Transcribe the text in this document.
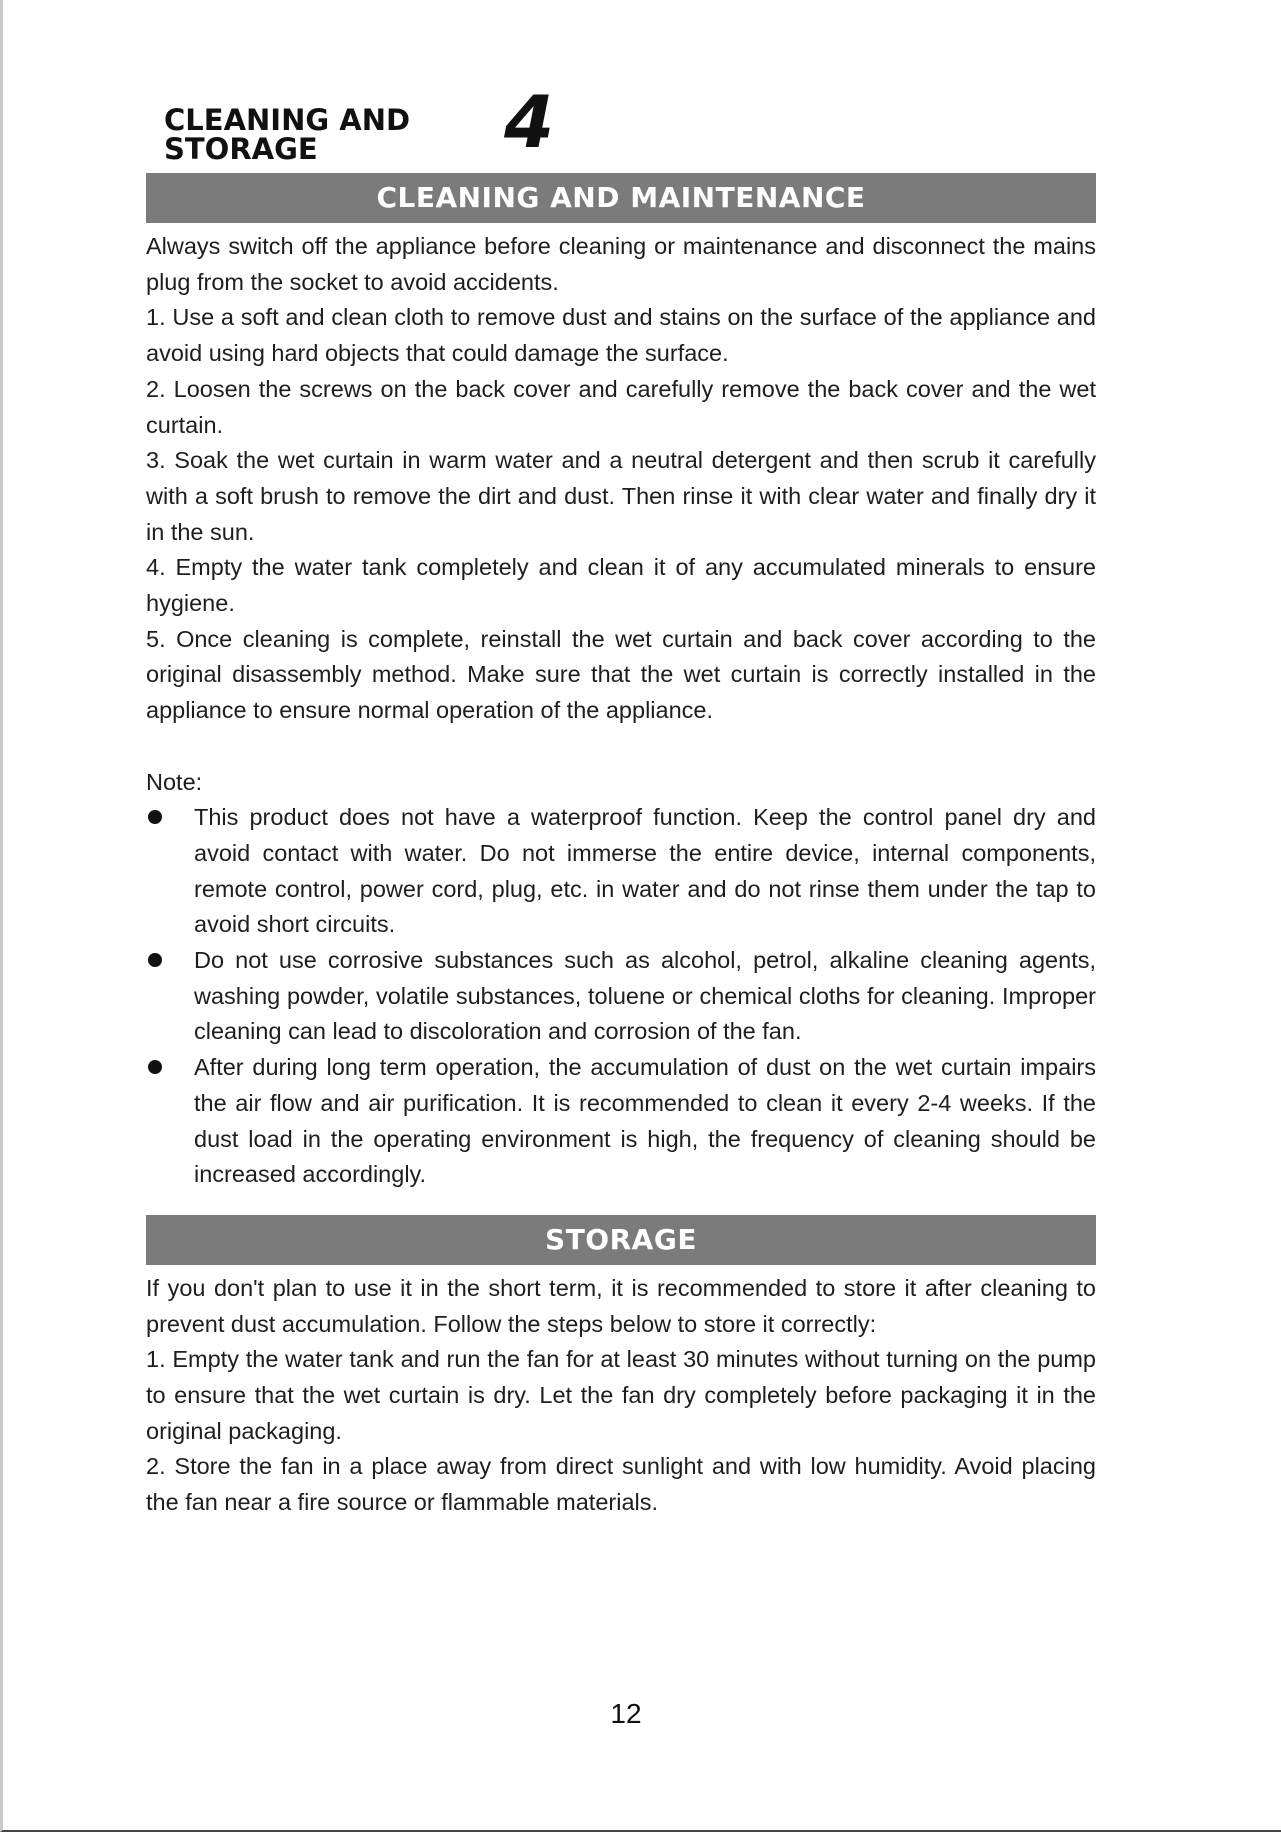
CLEANING AND
STORAGE	4
CLEANING AND MAINTENANCE

Always switch off the appliance before cleaning or maintenance and disconnect the mains plug from the socket to avoid accidents.

1. Use a soft and clean cloth to remove dust and stains on the surface of the appliance and avoid using hard objects that could damage the surface.

2. Loosen the screws on the back cover and carefully remove the back cover and the wet curtain.

3. Soak the wet curtain in warm water and a neutral detergent and then scrub it carefully with a soft brush to remove the dirt and dust. Then rinse it with clear water and finally dry it in the sun.

4. Empty the water tank completely and clean it of any accumulated minerals to ensure hygiene.

5. Once cleaning is complete, reinstall the wet curtain and back cover according to the original disassembly method. Make sure that the wet curtain is correctly installed in the appliance to ensure normal operation of the appliance.

Note:

This product does not have a waterproof function. Keep the control panel dry and avoid contact with water. Do not immerse the entire device, internal components, remote control, power cord, plug, etc. in water and do not rinse them under the tap to avoid short circuits.
Do not use corrosive substances such as alcohol, petrol, alkaline cleaning agents, washing powder, volatile substances, toluene or chemical cloths for cleaning. Improper cleaning can lead to discoloration and corrosion of the fan.
After during long term operation, the accumulation of dust on the wet curtain impairs the air flow and air purification. It is recommended to clean it every 2-4 weeks. If the dust load in the operating environment is high, the frequency of cleaning should be increased accordingly.
STORAGE

If you don't plan to use it in the short term, it is recommended to store it after cleaning to prevent dust accumulation. Follow the steps below to store it correctly:

1. Empty the water tank and run the fan for at least 30 minutes without turning on the pump to ensure that the wet curtain is dry. Let the fan dry completely before packaging it in the original packaging.

2. Store the fan in a place away from direct sunlight and with low humidity. Avoid placing the fan near a fire source or flammable materials.

12
